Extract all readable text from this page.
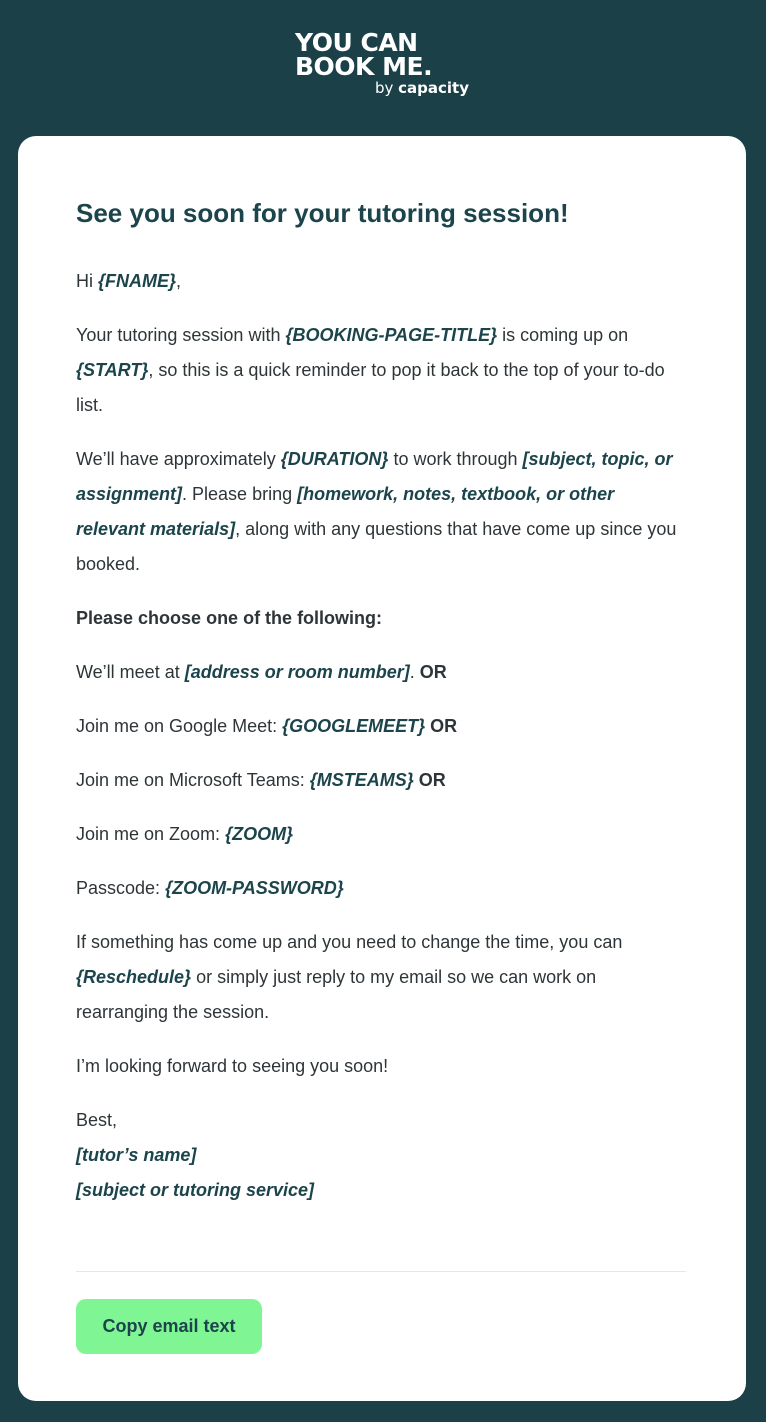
YOU CAN
BOOK ME.
by capacity
See you soon for your tutoring session!

Hi {FNAME},

Your tutoring session with {BOOKING-PAGE-TITLE} is coming up on {START}, so this is a quick reminder to pop it back to the top of your to-do list.

We’ll have approximately {DURATION} to work through [subject, topic, or assignment]. Please bring [homework, notes, textbook, or other relevant materials], along with any questions that have come up since you booked.

Please choose one of the following:

We’ll meet at [address or room number]. OR

Join me on Google Meet: {GOOGLEMEET} OR

Join me on Microsoft Teams: {MSTEAMS} OR

Join me on Zoom: {ZOOM}

Passcode: {ZOOM-PASSWORD}

If something has come up and you need to change the time, you can {Reschedule} or simply just reply to my email so we can work on rearranging the session.

I’m looking forward to seeing you soon!

Best,

[tutor’s name]

[subject or tutoring service]

Copy email text
